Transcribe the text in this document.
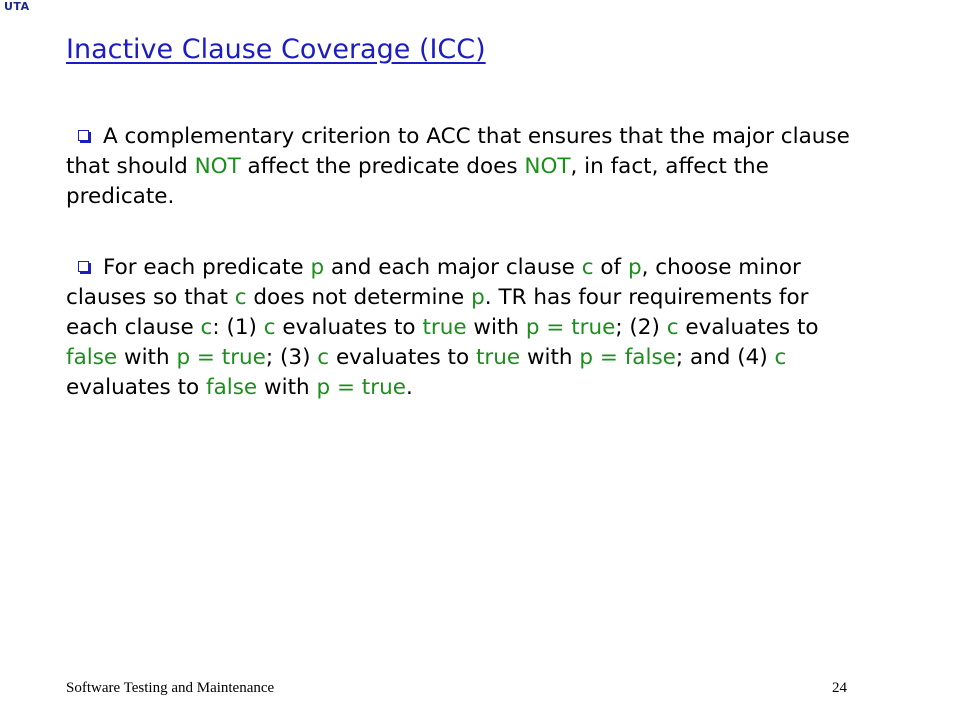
UTA
Inactive Clause Coverage (ICC)
A complementary criterion to ACC that ensures that the major clause that should NOT affect the predicate does NOT, in fact, affect the predicate.
For each predicate p and each major clause c of p, choose minor clauses so that c does not determine p. TR has four requirements for each clause c: (1) c evaluates to true with p = true; (2) c evaluates to false with p = true; (3) c evaluates to true with p = false; and (4) c evaluates to false with p = true.
Software Testing and Maintenance	24
